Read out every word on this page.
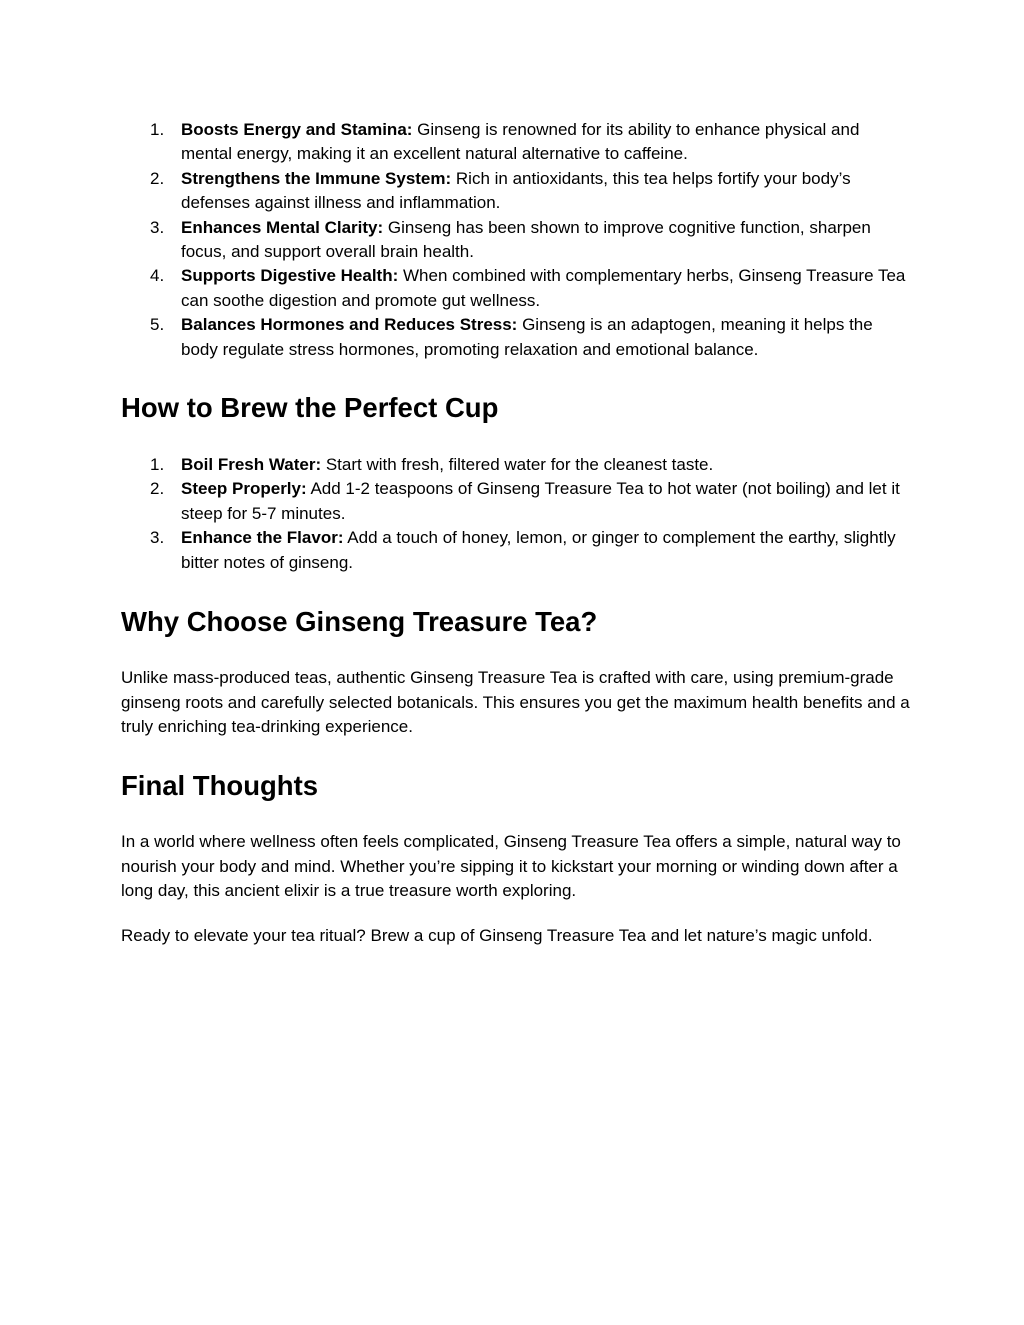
1. Boosts Energy and Stamina: Ginseng is renowned for its ability to enhance physical and mental energy, making it an excellent natural alternative to caffeine.
2. Strengthens the Immune System: Rich in antioxidants, this tea helps fortify your body’s defenses against illness and inflammation.
3. Enhances Mental Clarity: Ginseng has been shown to improve cognitive function, sharpen focus, and support overall brain health.
4. Supports Digestive Health: When combined with complementary herbs, Ginseng Treasure Tea can soothe digestion and promote gut wellness.
5. Balances Hormones and Reduces Stress: Ginseng is an adaptogen, meaning it helps the body regulate stress hormones, promoting relaxation and emotional balance.
How to Brew the Perfect Cup
1. Boil Fresh Water: Start with fresh, filtered water for the cleanest taste.
2. Steep Properly: Add 1-2 teaspoons of Ginseng Treasure Tea to hot water (not boiling) and let it steep for 5-7 minutes.
3. Enhance the Flavor: Add a touch of honey, lemon, or ginger to complement the earthy, slightly bitter notes of ginseng.
Why Choose Ginseng Treasure Tea?

Unlike mass-produced teas, authentic Ginseng Treasure Tea is crafted with care, using premium-grade ginseng roots and carefully selected botanicals. This ensures you get the maximum health benefits and a truly enriching tea-drinking experience.

Final Thoughts

In a world where wellness often feels complicated, Ginseng Treasure Tea offers a simple, natural way to nourish your body and mind. Whether you’re sipping it to kickstart your morning or winding down after a long day, this ancient elixir is a true treasure worth exploring.

Ready to elevate your tea ritual? Brew a cup of Ginseng Treasure Tea and let nature’s magic unfold.
